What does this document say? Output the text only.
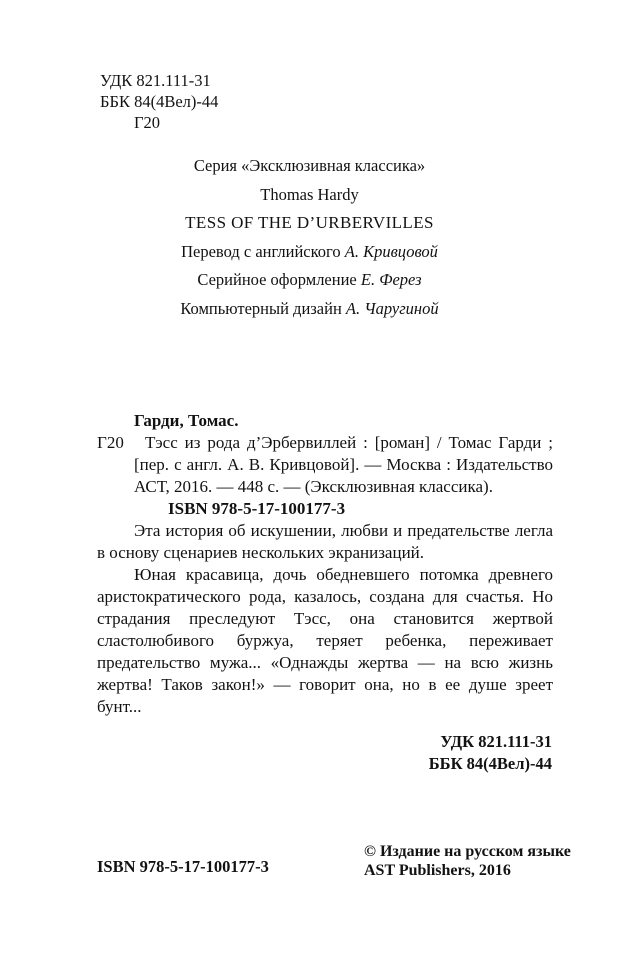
УДК 821.111-31
ББК 84(4Вел)-44
Г20
Серия «Эксклюзивная классика»
Thomas Hardy
TESS OF THE D’URBERVILLES
Перевод с английского А. Кривцовой
Серийное оформление Е. Ферез
Компьютерный дизайн А. Чаругиной

Гарди, Томас.

Г20	Тэсс из рода д’Эрбервиллей : [роман] / Томас Гарди ; [пер. с англ. А. В. Кривцовой]. — Москва : Издательство АСТ, 2016. — 448 с. — (Эксклюзивная классика).

ISBN 978-5-17-100177-3

Эта история об искушении, любви и предательстве легла в основу сценариев нескольких экранизаций.

Юная красавица, дочь обедневшего потомка древнего аристократического рода, казалось, создана для счастья. Но страдания преследуют Тэсс, она становится жертвой сластолюбивого буржуа, теряет ребенка, переживает предательство мужа... «Однажды жертва — на всю жизнь жертва! Таков закон!» — говорит она, но в ее душе зреет бунт...

УДК 821.111-31
ББК 84(4Вел)-44
ISBN 978-5-17-100177-3
© Издание на русском языке
AST Publishers, 2016
